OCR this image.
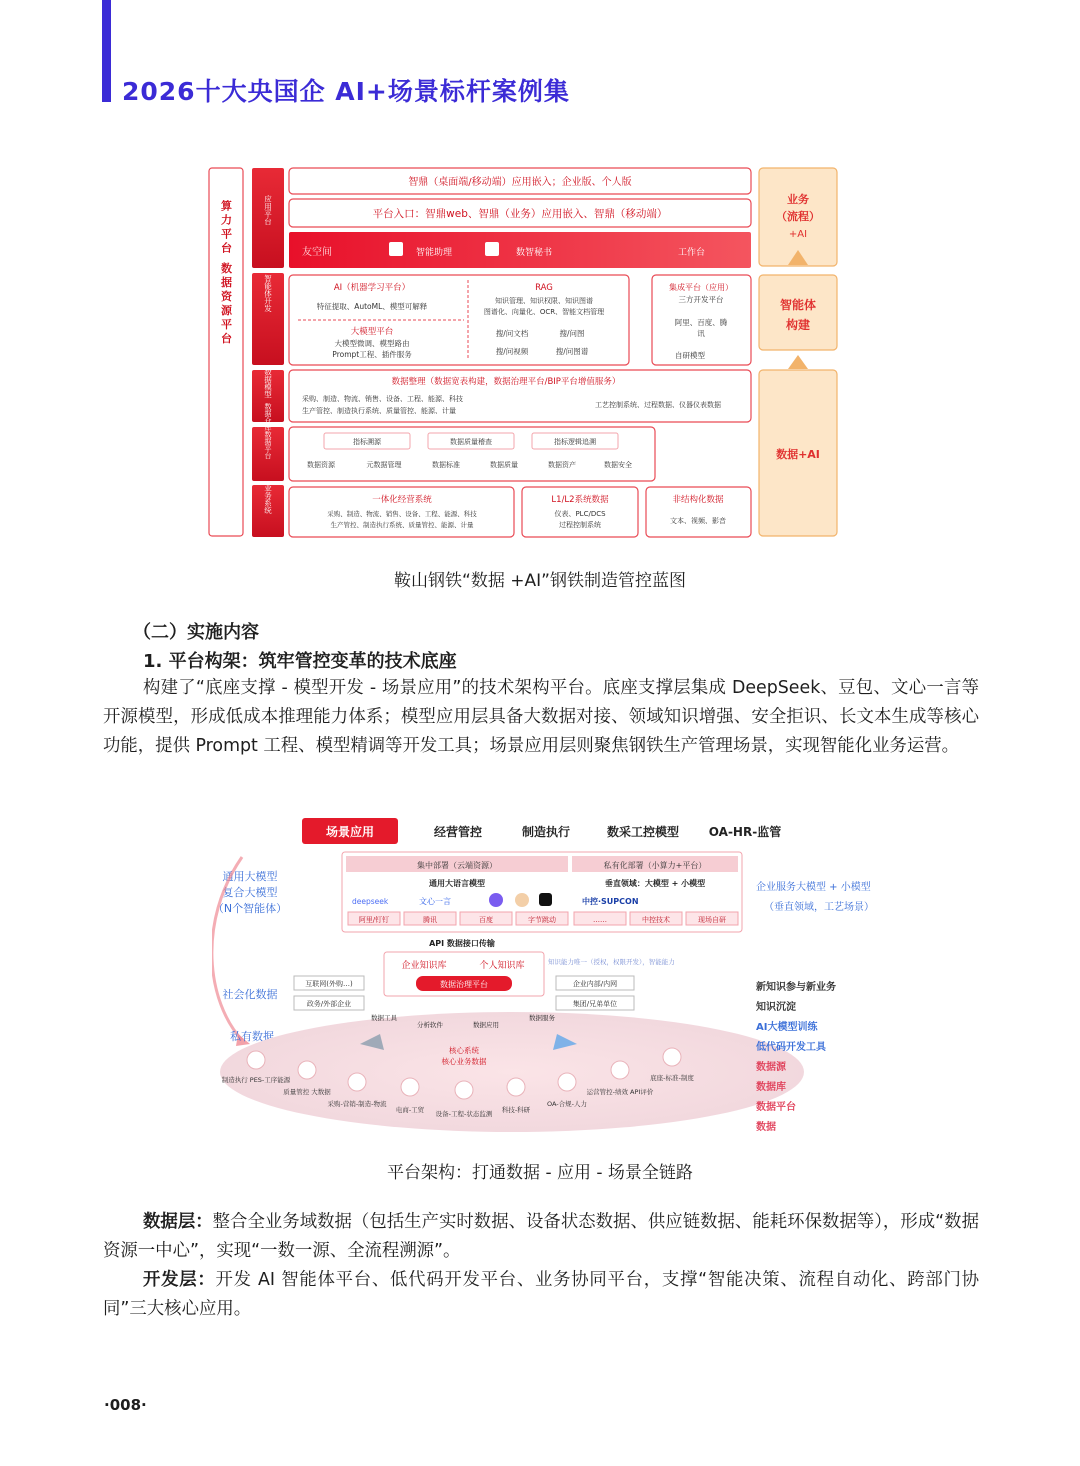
2026十大央国企 AI+场景标杆案例集
算力平台 数据资源平台	应用平台
智能体开发
数据模型
数据仓库数据平台
业务系统
智鼎（桌面端/移动端）应用嵌入；企业版、个人版
平台入口：智鼎web、智鼎（业务）应用嵌入、智鼎（移动端）
友空间	智能助理	数智秘书	工作台
AI（机器学习平台）
特征提取、AutoML、模型可解释
大模型平台
大模型微调、模型路由
Prompt工程、插件服务
RAG
知识管理、知识权限、知识图谱
图谱化、向量化、OCR、智能文档管理
搜/问文档	搜/问图
搜/问视频	搜/问图谱
集成平台（应用）
三方开发平台
阿里、百度、腾
讯
自研模型
数据整理（数据宽表构建，数据治理平台/BIP平台增值服务）
采购、制造、物流、销售、设备、工程、能源、科技
生产管控、制造执行系统、质量管控、能源、计量
工艺控制系统、过程数据、仪器仪表数据
指标溯源	数据质量稽查	指标逻辑追溯
数据资源	元数据管理	数据标准	数据质量	数据资产	数据安全
一体化经营系统
采购、制造、物流、销售、设备、工程、能源、科技
生产管控、制造执行系统、质量管控、能源、计量
L1/L2系统数据
仪表、PLC/DCS
过程控制系统
非结构化数据
文本、视频、影音
业务
（流程）
+AI
智能体
构建
数据+AI
鞍山钢铁“数据 +AI”钢铁制造管控蓝图
（二）实施内容
1. 平台构架：筑牢管控变革的技术底座

构建了“底座支撑 - 模型开发 - 场景应用”的技术架构平台。底座支撑层集成 DeepSeek、豆包、文心一言等开源模型，形成低成本推理能力体系；模型应用层具备大数据对接、领域知识增强、安全拒识、长文本生成等核心功能，提供 Prompt 工程、模型精调等开发工具；场景应用层则聚焦钢铁生产管理场景，实现智能化业务运营。

场景应用	经营管控	制造执行	数采工控模型 OA-HR-监管
通用大模型
复合大模型
（N个智能体）
社会化数据
私有数据
集中部署（云端资源）	私有化部署（小算力+平台）
通用大语言模型	垂直领域：大模型 + 小模型
deepseek	文心一言	中控·SUPCON
阿里/钉钉	腾讯	百度	字节跳动	……	中控技术	现场自研
API 数据接口传输
企业知识库	个人知识库
数据治理平台
知识能力唯一（授权，权限开发），智能能力
互联网(外购…)
政务/外部企业
企业内部/内网
集团/兄弟单位
数据工具
分析软件	数据应用
数据服务
核心系统
核心业务数据
制造执行 PES-工序能源
质量管控 大数据
采购-营销-制造-物流
电商-工贸 设备-工程-状态监测 科技-科研
OA-合规-人力
运营管控-绩效 API评价
底座-标准-制度
企业服务大模型 + 小模型
（垂直领域，工艺场景）
新知识参与新业务
知识沉淀
AI大模型训练
低代码开发工具
数据源
数据库
数据平台
数据
平台架构：打通数据 - 应用 - 场景全链路

数据层：整合全业务域数据（包括生产实时数据、设备状态数据、供应链数据、能耗环保数据等），形成“数据资源一中心”，实现“一数一源、全流程溯源”。

开发层：开发 AI 智能体平台、低代码开发平台、业务协同平台，支撑“智能决策、流程自动化、跨部门协同”三大核心应用。

·008·
